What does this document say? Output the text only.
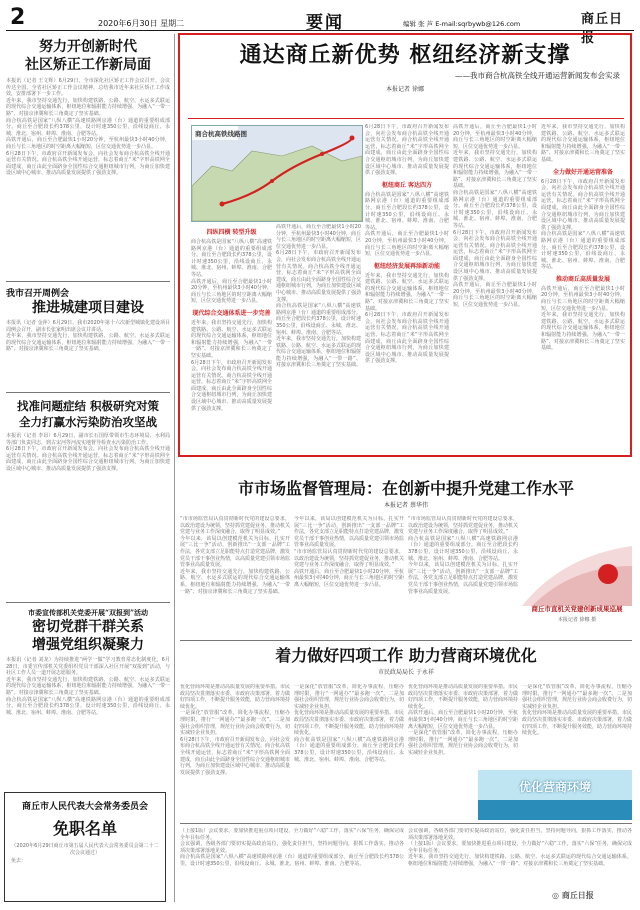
2	2020年6月30日 星期二	要闻	编辑 张 芦 E-mail:sqrbywb@126.com	商丘日报
努力开创新时代
社区矫正工作新局面

本报讯（记者 王文辉）6月29日，全市深化社区矫正工作会议召开。会议传达全国、全省社区矫正工作会议精神，总结我市近年来社区矫正工作成效，安排部署下一步工作。

近年来，我市坚持交通先行，加快构建铁路、公路、航空、水运多式联运的现代综合交通运输体系，枢纽地位和辐射能力持续增强，为融入“一带一路”、对接京津冀和长三角奠定了坚实基础。

商合杭高铁是国家“八纵八横”高速铁路网京港（台）通道的重要组成部分。商丘至合肥段长约378公里，设计时速350公里，沿线设商丘、永城、淮北、宿州、蚌埠、淮南、合肥等站。

高铁开通后，商丘至合肥最快1小时20分钟，至杭州最快3小时40分钟，商丘与长三角地区的时空距离大幅缩短，区位交通优势进一步凸显。

6月28日下午，市政府召开新闻发布会，向社会发布商合杭高铁全线开通运营有关情况。商合杭高铁全线开通运营，标志着商丘“米”字形高铁网全面建成，商丘由此全面跻身全国性综合交通枢纽城市行列，为商丘加快建设区域中心城市、推动高质量发展提供了强劲支撑。

我市召开周例会
推进城建项目建设

本报讯（记者 金萍）6月29日，我市2020年第十六次新型城镇化建设项目周例会召开，副市长张家明出席会议并讲话。

近年来，我市坚持交通先行，加快构建铁路、公路、航空、水运多式联运的现代综合交通运输体系，枢纽地位和辐射能力持续增强，为融入“一带一路”、对接京津冀和长三角奠定了坚实基础。

找准问题症结 积极研究对策
全力打赢水污染防治攻坚战

本报讯（记者 李昂）6月29日，副市长石国厚带领市生态环境局、水利局等部门负责同志，到古宋河等河流实地督导检查水污染防治工作。

6月28日下午，市政府召开新闻发布会，向社会发布商合杭高铁全线开通运营有关情况。商合杭高铁全线开通运营，标志着商丘“米”字形高铁网全面建成，商丘由此全面跻身全国性综合交通枢纽城市行列，为商丘加快建设区域中心城市、推动高质量发展提供了强劲支撑。

市委宣传部机关党委开展“双报到”活动
密切党群干群关系
增强党组织凝聚力

本报讯（记者 刘龙）为持续推进“两学一做”学习教育常态化制度化，6月28日，市委宣传部机关党委组织党员干部深入社区开展“双报到”活动，与社区工作人员一道开展志愿服务。

近年来，我市坚持交通先行，加快构建铁路、公路、航空、水运多式联运的现代综合交通运输体系，枢纽地位和辐射能力持续增强，为融入“一带一路”、对接京津冀和长三角奠定了坚实基础。

商合杭高铁是国家“八纵八横”高速铁路网京港（台）通道的重要组成部分。商丘至合肥段长约378公里，设计时速350公里，沿线设商丘、永城、淮北、宿州、蚌埠、淮南、合肥等站。

商丘市人民代表大会常务委员会
免职名单

（2020年6月29日商丘市第五届人民代表大会常务委员会第二十二次会议通过）

免去：

通达商丘新优势 枢纽经济新支撑
——我市商合杭高铁全线开通运营新闻发布会实录
本报记者 徐娜
商合杭高铁线路图
四纵四横 转型升级

商合杭高铁是国家“八纵八横”高速铁路网京港（台）通道的重要组成部分。商丘至合肥段长约378公里，设计时速350公里，沿线设商丘、永城、淮北、宿州、蚌埠、淮南、合肥等站。

高铁开通后，商丘至合肥最快1小时20分钟，至杭州最快3小时40分钟，商丘与长三角地区的时空距离大幅缩短，区位交通优势进一步凸显。

现代综合交通体系进一步完善

近年来，我市坚持交通先行，加快构建铁路、公路、航空、水运多式联运的现代综合交通运输体系，枢纽地位和辐射能力持续增强，为融入“一带一路”、对接京津冀和长三角奠定了坚实基础。

6月28日下午，市政府召开新闻发布会，向社会发布商合杭高铁全线开通运营有关情况。商合杭高铁全线开通运营，标志着商丘“米”字形高铁网全面建成，商丘由此全面跻身全国性综合交通枢纽城市行列，为商丘加快建设区域中心城市、推动高质量发展提供了强劲支撑。

高铁开通后，商丘至合肥最快1小时20分钟，至杭州最快3小时40分钟，商丘与长三角地区的时空距离大幅缩短，区位交通优势进一步凸显。

6月28日下午，市政府召开新闻发布会，向社会发布商合杭高铁全线开通运营有关情况。商合杭高铁全线开通运营，标志着商丘“米”字形高铁网全面建成，商丘由此全面跻身全国性综合交通枢纽城市行列，为商丘加快建设区域中心城市、推动高质量发展提供了强劲支撑。

商合杭高铁是国家“八纵八横”高速铁路网京港（台）通道的重要组成部分。商丘至合肥段长约378公里，设计时速350公里，沿线设商丘、永城、淮北、宿州、蚌埠、淮南、合肥等站。

近年来，我市坚持交通先行，加快构建铁路、公路、航空、水运多式联运的现代综合交通运输体系，枢纽地位和辐射能力持续增强，为融入“一带一路”、对接京津冀和长三角奠定了坚实基础。

6月28日下午，市政府召开新闻发布会，向社会发布商合杭高铁全线开通运营有关情况。商合杭高铁全线开通运营，标志着商丘“米”字形高铁网全面建成，商丘由此全面跻身全国性综合交通枢纽城市行列，为商丘加快建设区域中心城市、推动高质量发展提供了强劲支撑。

枢纽商丘 客达四方

商合杭高铁是国家“八纵八横”高速铁路网京港（台）通道的重要组成部分。商丘至合肥段长约378公里，设计时速350公里，沿线设商丘、永城、淮北、宿州、蚌埠、淮南、合肥等站。

高铁开通后，商丘至合肥最快1小时20分钟，至杭州最快3小时40分钟，商丘与长三角地区的时空距离大幅缩短，区位交通优势进一步凸显。

枢纽经济发展再添新动能

近年来，我市坚持交通先行，加快构建铁路、公路、航空、水运多式联运的现代综合交通运输体系，枢纽地位和辐射能力持续增强，为融入“一带一路”、对接京津冀和长三角奠定了坚实基础。

6月28日下午，市政府召开新闻发布会，向社会发布商合杭高铁全线开通运营有关情况。商合杭高铁全线开通运营，标志着商丘“米”字形高铁网全面建成，商丘由此全面跻身全国性综合交通枢纽城市行列，为商丘加快建设区域中心城市、推动高质量发展提供了强劲支撑。

高铁开通后，商丘至合肥最快1小时20分钟，至杭州最快3小时40分钟，商丘与长三角地区的时空距离大幅缩短，区位交通优势进一步凸显。

近年来，我市坚持交通先行，加快构建铁路、公路、航空、水运多式联运的现代综合交通运输体系，枢纽地位和辐射能力持续增强，为融入“一带一路”、对接京津冀和长三角奠定了坚实基础。

商合杭高铁是国家“八纵八横”高速铁路网京港（台）通道的重要组成部分。商丘至合肥段长约378公里，设计时速350公里，沿线设商丘、永城、淮北、宿州、蚌埠、淮南、合肥等站。

6月28日下午，市政府召开新闻发布会，向社会发布商合杭高铁全线开通运营有关情况。商合杭高铁全线开通运营，标志着商丘“米”字形高铁网全面建成，商丘由此全面跻身全国性综合交通枢纽城市行列，为商丘加快建设区域中心城市、推动高质量发展提供了强劲支撑。

高铁开通后，商丘至合肥最快1小时20分钟，至杭州最快3小时40分钟，商丘与长三角地区的时空距离大幅缩短，区位交通优势进一步凸显。

近年来，我市坚持交通先行，加快构建铁路、公路、航空、水运多式联运的现代综合交通运输体系，枢纽地位和辐射能力持续增强，为融入“一带一路”、对接京津冀和长三角奠定了坚实基础。

全力做好开通运营准备

6月28日下午，市政府召开新闻发布会，向社会发布商合杭高铁全线开通运营有关情况。商合杭高铁全线开通运营，标志着商丘“米”字形高铁网全面建成，商丘由此全面跻身全国性综合交通枢纽城市行列，为商丘加快建设区域中心城市、推动高质量发展提供了强劲支撑。

商合杭高铁是国家“八纵八横”高速铁路网京港（台）通道的重要组成部分。商丘至合肥段长约378公里，设计时速350公里，沿线设商丘、永城、淮北、宿州、蚌埠、淮南、合肥等站。

推动商丘高质量发展

高铁开通后，商丘至合肥最快1小时20分钟，至杭州最快3小时40分钟，商丘与长三角地区的时空距离大幅缩短，区位交通优势进一步凸显。

近年来，我市坚持交通先行，加快构建铁路、公路、航空、水运多式联运的现代综合交通运输体系，枢纽地位和辐射能力持续增强，为融入“一带一路”、对接京津冀和长三角奠定了坚实基础。

市市场监督管理局：在创新中提升党建工作水平
本报记者 蔡华伟

“市市场监管局认真贯彻新时代党的建设总要求，以政治建设为统领，坚持抓党建促业务，推动机关党建与业务工作深度融合，取得了明显成效。”

今年以来，该局以创建模范机关为目标，扎实开展“三比一争”活动，创新推出“一支部一品牌”工作法，各党支部立足职能特点打造党建品牌，激发党员干部干事创业热情，以高质量党建引领市场监管事业高质量发展。

近年来，我市坚持交通先行，加快构建铁路、公路、航空、水运多式联运的现代综合交通运输体系，枢纽地位和辐射能力持续增强，为融入“一带一路”、对接京津冀和长三角奠定了坚实基础。

今年以来，该局以创建模范机关为目标，扎实开展“三比一争”活动，创新推出“一支部一品牌”工作法，各党支部立足职能特点打造党建品牌，激发党员干部干事创业热情，以高质量党建引领市场监管事业高质量发展。

“市市场监管局认真贯彻新时代党的建设总要求，以政治建设为统领，坚持抓党建促业务，推动机关党建与业务工作深度融合，取得了明显成效。”

高铁开通后，商丘至合肥最快1小时20分钟，至杭州最快3小时40分钟，商丘与长三角地区的时空距离大幅缩短，区位交通优势进一步凸显。

“市市场监管局认真贯彻新时代党的建设总要求，以政治建设为统领，坚持抓党建促业务，推动机关党建与业务工作深度融合，取得了明显成效。”

商合杭高铁是国家“八纵八横”高速铁路网京港（台）通道的重要组成部分。商丘至合肥段长约378公里，设计时速350公里，沿线设商丘、永城、淮北、宿州、蚌埠、淮南、合肥等站。

今年以来，该局以创建模范机关为目标，扎实开展“三比一争”活动，创新推出“一支部一品牌”工作法，各党支部立足职能特点打造党建品牌，激发党员干部干事创业热情，以高质量党建引领市场监管事业高质量发展。

商丘市直机关党建创新成果巡展
本报记者 徐娜 摄
着力做好四项工作 助力营商环境优化
市民政局局长 于永祥

优化营商环境是推动高质量发展的重要举措。市民政局坚决贯彻落实市委、市政府决策部署，着力做好四项工作，不断提升服务效能，助力营商环境持续优化。

一是深化“放管服”改革，简化办事流程，压缩办理时限，推行“一网通办”“最多跑一次”。二是加强社会组织管理，规范行业协会商会收费行为，切实减轻企业负担。

6月28日下午，市政府召开新闻发布会，向社会发布商合杭高铁全线开通运营有关情况。商合杭高铁全线开通运营，标志着商丘“米”字形高铁网全面建成，商丘由此全面跻身全国性综合交通枢纽城市行列，为商丘加快建设区域中心城市、推动高质量发展提供了强劲支撑。

一是深化“放管服”改革，简化办事流程，压缩办理时限，推行“一网通办”“最多跑一次”。二是加强社会组织管理，规范行业协会商会收费行为，切实减轻企业负担。

优化营商环境是推动高质量发展的重要举措。市民政局坚决贯彻落实市委、市政府决策部署，着力做好四项工作，不断提升服务效能，助力营商环境持续优化。

商合杭高铁是国家“八纵八横”高速铁路网京港（台）通道的重要组成部分。商丘至合肥段长约378公里，设计时速350公里，沿线设商丘、永城、淮北、宿州、蚌埠、淮南、合肥等站。

优化营商环境是推动高质量发展的重要举措。市民政局坚决贯彻落实市委、市政府决策部署，着力做好四项工作，不断提升服务效能，助力营商环境持续优化。

高铁开通后，商丘至合肥最快1小时20分钟，至杭州最快3小时40分钟，商丘与长三角地区的时空距离大幅缩短，区位交通优势进一步凸显。

一是深化“放管服”改革，简化办事流程，压缩办理时限，推行“一网通办”“最多跑一次”。二是加强社会组织管理，规范行业协会商会收费行为，切实减轻企业负担。

一是深化“放管服”改革，简化办事流程，压缩办理时限，推行“一网通办”“最多跑一次”。二是加强社会组织管理，规范行业协会商会收费行为，切实减轻企业负担。

优化营商环境是推动高质量发展的重要举措。市民政局坚决贯彻落实市委、市政府决策部署，着力做好四项工作，不断提升服务效能，助力营商环境持续优化。

优化营商环境

（上接1版）会议要求，要加快推进重点项目建设，全力做好“六稳”工作，落实“六保”任务，确保完成全年目标任务。

会议强调，各级各部门要切实提高政治站位，强化责任担当，坚持问题导向，狠抓工作落实，推动各项决策部署落地见效。

商合杭高铁是国家“八纵八横”高速铁路网京港（台）通道的重要组成部分。商丘至合肥段长约378公里，设计时速350公里，沿线设商丘、永城、淮北、宿州、蚌埠、淮南、合肥等站。

会议强调，各级各部门要切实提高政治站位，强化责任担当，坚持问题导向，狠抓工作落实，推动各项决策部署落地见效。

（上接1版）会议要求，要加快推进重点项目建设，全力做好“六稳”工作，落实“六保”任务，确保完成全年目标任务。

近年来，我市坚持交通先行，加快构建铁路、公路、航空、水运多式联运的现代综合交通运输体系，枢纽地位和辐射能力持续增强，为融入“一带一路”、对接京津冀和长三角奠定了坚实基础。

◎ 商丘日报
